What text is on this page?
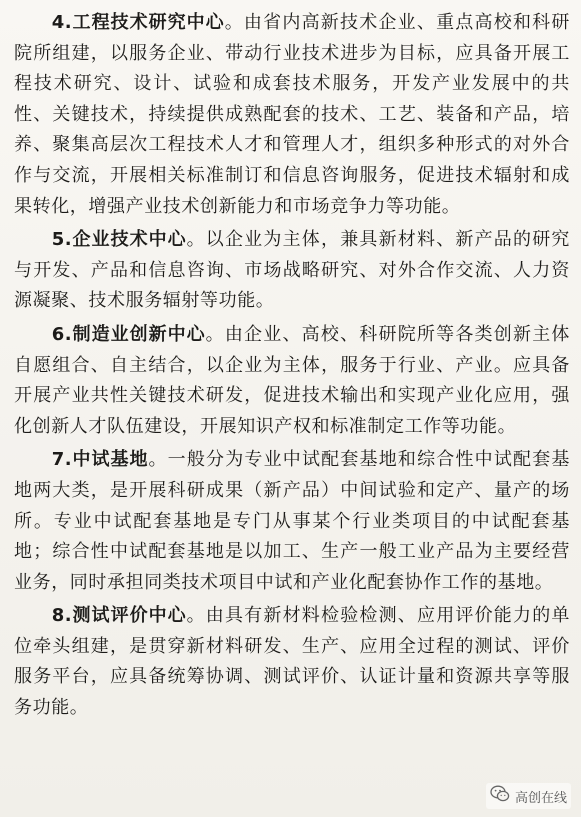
4.工程技术研究中心。由省内高新技术企业、重点高校和科研院所组建，以服务企业、带动行业技术进步为目标，应具备开展工程技术研究、设计、试验和成套技术服务，开发产业发展中的共性、关键技术，持续提供成熟配套的技术、工艺、装备和产品，培养、聚集高层次工程技术人才和管理人才，组织多种形式的对外合作与交流，开展相关标准制订和信息咨询服务，促进技术辐射和成果转化，增强产业技术创新能力和市场竞争力等功能。

5.企业技术中心。以企业为主体，兼具新材料、新产品的研究与开发、产品和信息咨询、市场战略研究、对外合作交流、人力资源凝聚、技术服务辐射等功能。

6.制造业创新中心。由企业、高校、科研院所等各类创新主体自愿组合、自主结合，以企业为主体，服务于行业、产业。应具备开展产业共性关键技术研发，促进技术输出和实现产业化应用，强化创新人才队伍建设，开展知识产权和标准制定工作等功能。

7.中试基地。一般分为专业中试配套基地和综合性中试配套基地两大类，是开展科研成果（新产品）中间试验和定产、量产的场所。专业中试配套基地是专门从事某个行业类项目的中试配套基地；综合性中试配套基地是以加工、生产一般工业产品为主要经营业务，同时承担同类技术项目中试和产业化配套协作工作的基地。

8.测试评价中心。由具有新材料检验检测、应用评价能力的单位牵头组建，是贯穿新材料研发、生产、应用全过程的测试、评价服务平台，应具备统筹协调、测试评价、认证计量和资源共享等服务功能。

高创在线
